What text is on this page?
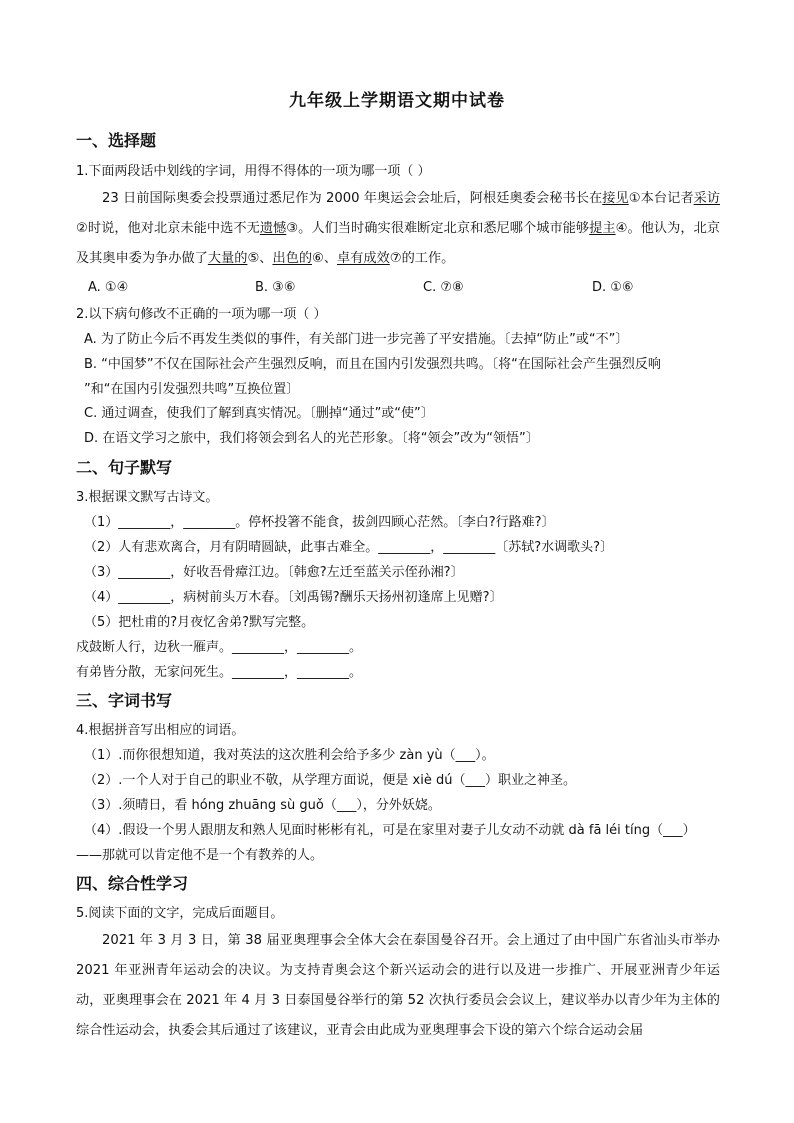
九年级上学期语文期中试卷
一、选择题
1.下面两段话中划线的字词，用得不得体的一项为哪一项（ ）
23 日前国际奥委会投票通过悉尼作为 2000 年奥运会会址后，阿根廷奥委会秘书长在接见①本台记者采访②时说，他对北京未能中选不无遗憾③。人们当时确实很难断定北京和悉尼哪个城市能够提主④。他认为，北京及其奥申委为争办做了大量的⑤、出色的⑥、卓有成效⑦的工作。
A. ①④	B. ③⑥	C. ⑦⑧	D. ①⑥
2.以下病句修改不正确的一项为哪一项（ ）
A. 为了防止今后不再发生类似的事件，有关部门进一步完善了平安措施。〔去掉“防止”或“不”〕
B. “中国梦”不仅在国际社会产生强烈反响，而且在国内引发强烈共鸣。〔将“在国际社会产生强烈反响
”和“在国内引发强烈共鸣”互换位置〕
C. 通过调查，使我们了解到真实情况。〔删掉“通过”或“使”〕
D. 在语文学习之旅中，我们将领会到名人的光芒形象。〔将“领会”改为“领悟”〕
二、句子默写
3.根据课文默写古诗文。
（1）________，________。停杯投箸不能食，拔剑四顾心茫然。〔李白?行路难?〕
（2）人有悲欢离合，月有阴晴圆缺，此事古难全。________，________〔苏轼?水调歌头?〕
（3）________，好收吾骨瘴江边。〔韩愈?左迁至蓝关示侄孙湘?〕
（4）________，病树前头万木春。〔刘禹锡?酬乐天扬州初逢席上见赠?〕
（5）把杜甫的?月夜忆舍弟?默写完整。
戍鼓断人行，边秋一雁声。________，________。
有弟皆分散，无家问死生。________，________。
三、字词书写
4.根据拼音写出相应的词语。
（1）.而你很想知道，我对英法的这次胜利会给予多少 zàn yù（___）。
（2）.一个人对于自己的职业不敬，从学理方面说，便是 xiè dú（___）职业之神圣。
（3）.须晴日，看 hóng zhuāng sù guǒ（___），分外妖娆。
（4）.假设一个男人跟朋友和熟人见面时彬彬有礼，可是在家里对妻子儿女动不动就 dà fā léi tíng（___）
——那就可以肯定他不是一个有教养的人。
四、综合性学习
5.阅读下面的文字，完成后面题目。
2021 年 3 月 3 日，第 38 届亚奥理事会全体大会在泰国曼谷召开。会上通过了由中国广东省汕头市举办 2021 年亚洲青年运动会的决议。为支持青奥会这个新兴运动会的进行以及进一步推广、开展亚洲青少年运动，亚奥理事会在 2021 年 4 月 3 日泰国曼谷举行的第 52 次执行委员会会议上，建议举办以青少年为主体的综合性运动会，执委会其后通过了该建议，亚青会由此成为亚奥理事会下设的第六个综合运动会届
